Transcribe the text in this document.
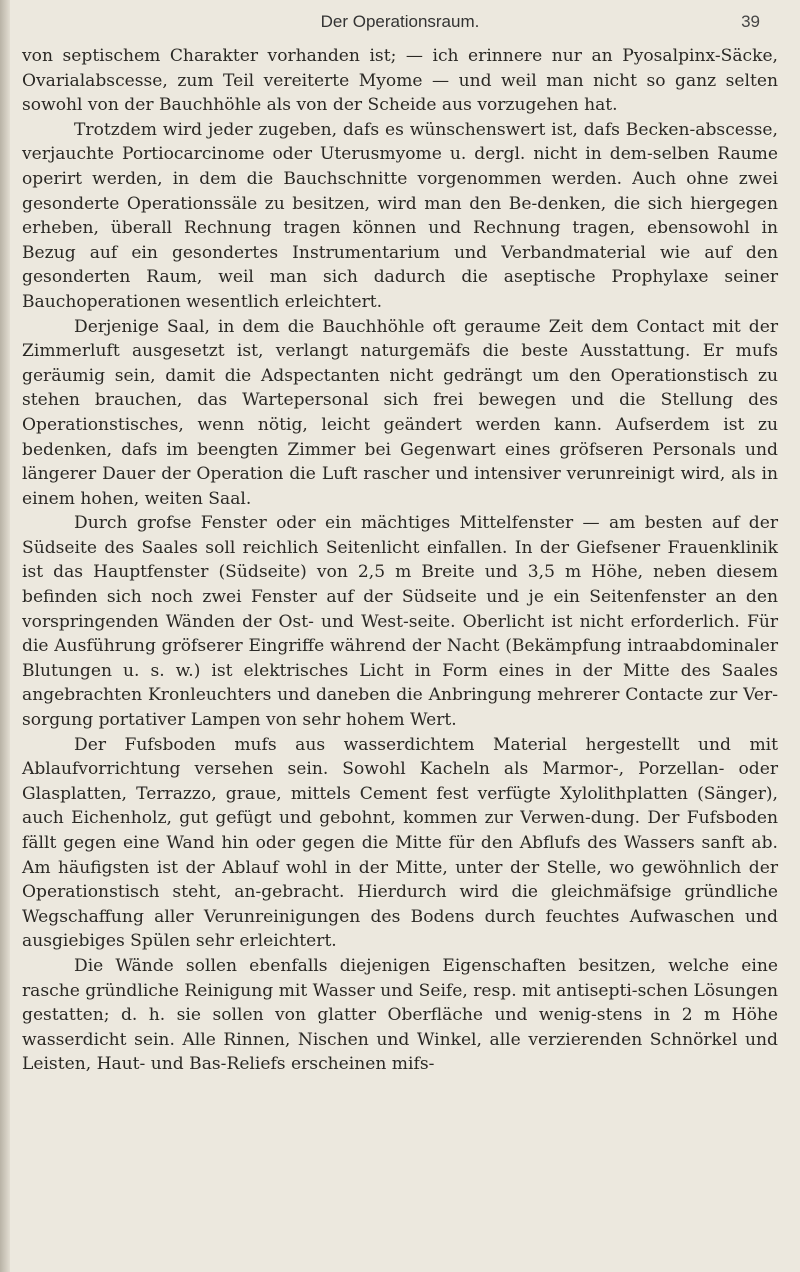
Der Operationsraum.	39

von septischem Charakter vorhanden ist; — ich erinnere nur an Pyosalpinx-Säcke, Ovarialabscesse, zum Teil vereiterte Myome — und weil man nicht so ganz selten sowohl von der Bauchhöhle als von der Scheide aus vorzugehen hat.

Trotzdem wird jeder zugeben, dafs es wünschenswert ist, dafs Becken-abscesse, verjauchte Portiocarcinome oder Uterusmyome u. dergl. nicht in dem-selben Raume operirt werden, in dem die Bauchschnitte vorgenommen werden. Auch ohne zwei gesonderte Operationssäle zu besitzen, wird man den Be-denken, die sich hiergegen erheben, überall Rechnung tragen können und Rechnung tragen, ebensowohl in Bezug auf ein gesondertes Instrumentarium und Verbandmaterial wie auf den gesonderten Raum, weil man sich dadurch die aseptische Prophylaxe seiner Bauchoperationen wesentlich erleichtert.

Derjenige Saal, in dem die Bauchhöhle oft geraume Zeit dem Contact mit der Zimmerluft ausgesetzt ist, verlangt naturgemäfs die beste Ausstattung. Er mufs geräumig sein, damit die Adspectanten nicht gedrängt um den Operationstisch zu stehen brauchen, das Wartepersonal sich frei bewegen und die Stellung des Operationstisches, wenn nötig, leicht geändert werden kann. Aufserdem ist zu bedenken, dafs im beengten Zimmer bei Gegenwart eines gröfseren Personals und längerer Dauer der Operation die Luft rascher und intensiver verunreinigt wird, als in einem hohen, weiten Saal.

Durch grofse Fenster oder ein mächtiges Mittelfenster — am besten auf der Südseite des Saales soll reichlich Seitenlicht einfallen. In der Giefsener Frauenklinik ist das Hauptfenster (Südseite) von 2,5 m Breite und 3,5 m Höhe, neben diesem befinden sich noch zwei Fenster auf der Südseite und je ein Seitenfenster an den vorspringenden Wänden der Ost- und West-seite. Oberlicht ist nicht erforderlich. Für die Ausführung gröfserer Eingriffe während der Nacht (Bekämpfung intraabdominaler Blutungen u. s. w.) ist elektrisches Licht in Form eines in der Mitte des Saales angebrachten Kronleuchters und daneben die Anbringung mehrerer Contacte zur Ver-sorgung portativer Lampen von sehr hohem Wert.

Der Fufsboden mufs aus wasserdichtem Material hergestellt und mit Ablaufvorrichtung versehen sein. Sowohl Kacheln als Marmor-, Porzellan- oder Glasplatten, Terrazzo, graue, mittels Cement fest verfügte Xylolithplatten (Sänger), auch Eichenholz, gut gefügt und gebohnt, kommen zur Verwen-dung. Der Fufsboden fällt gegen eine Wand hin oder gegen die Mitte für den Abflufs des Wassers sanft ab. Am häufigsten ist der Ablauf wohl in der Mitte, unter der Stelle, wo gewöhnlich der Operationstisch steht, an-gebracht. Hierdurch wird die gleichmäfsige gründliche Wegschaffung aller Verunreinigungen des Bodens durch feuchtes Aufwaschen und ausgiebiges Spülen sehr erleichtert.

Die Wände sollen ebenfalls diejenigen Eigenschaften besitzen, welche eine rasche gründliche Reinigung mit Wasser und Seife, resp. mit antisepti-schen Lösungen gestatten; d. h. sie sollen von glatter Oberfläche und wenig-stens in 2 m Höhe wasserdicht sein. Alle Rinnen, Nischen und Winkel, alle verzierenden Schnörkel und Leisten, Haut- und Bas-Reliefs erscheinen mifs-
